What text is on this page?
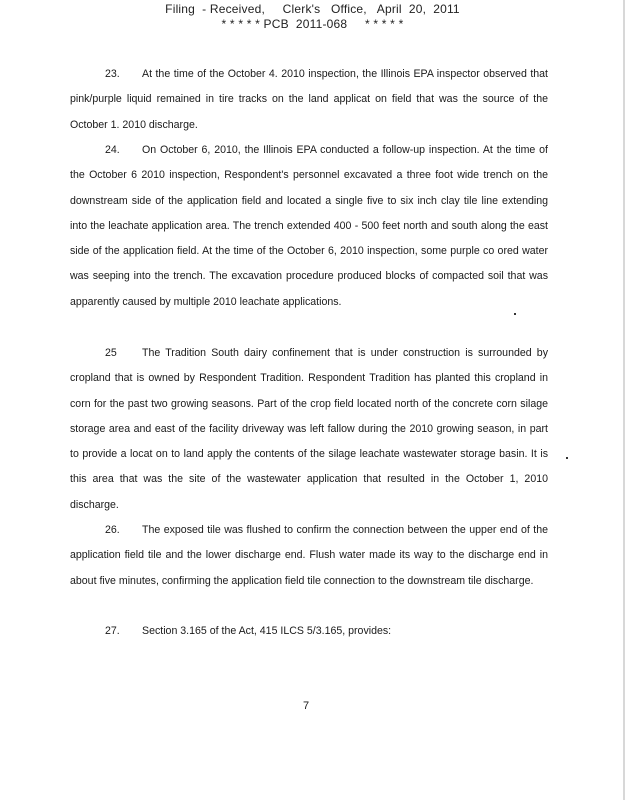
Filing  - Received,     Clerk's   Office,   April  20,  2011
* * * * * PCB  2011-068     * * * * *

23. At the time of the October 4. 2010 inspection, the Illinois EPA inspector observed that pink/purple liquid remained in tire tracks on the land applicat on field that was the source of the October 1. 2010 discharge.

24. On October 6, 2010, the Illinois EPA conducted a follow-up inspection. At the time of the October 6 2010 inspection, Respondent's personnel excavated a three foot wide trench on the downstream side of the application field and located a single five to six inch clay tile line extending into the leachate application area. The trench extended 400 - 500 feet north and south along the east side of the application field. At the time of the October 6, 2010 inspection, some purple co ored water was seeping into the trench. The excavation procedure produced blocks of compacted soil that was apparently caused by multiple 2010 leachate applications.

25 The Tradition South dairy confinement that is under construction is surrounded by cropland that is owned by Respondent Tradition. Respondent Tradition has planted this cropland in corn for the past two growing seasons. Part of the crop field located north of the concrete corn silage storage area and east of the facility driveway was left fallow during the 2010 growing season, in part to provide a locat on to land apply the contents of the silage leachate wastewater storage basin. It is this area that was the site of the wastewater application that resulted in the October 1, 2010 discharge.

26. The exposed tile was flushed to confirm the connection between the upper end of the application field tile and the lower discharge end. Flush water made its way to the discharge end in about five minutes, confirming the application field tile connection to the downstream tile discharge.

27. Section 3.165 of the Act, 415 ILCS 5/3.165, provides:

7
